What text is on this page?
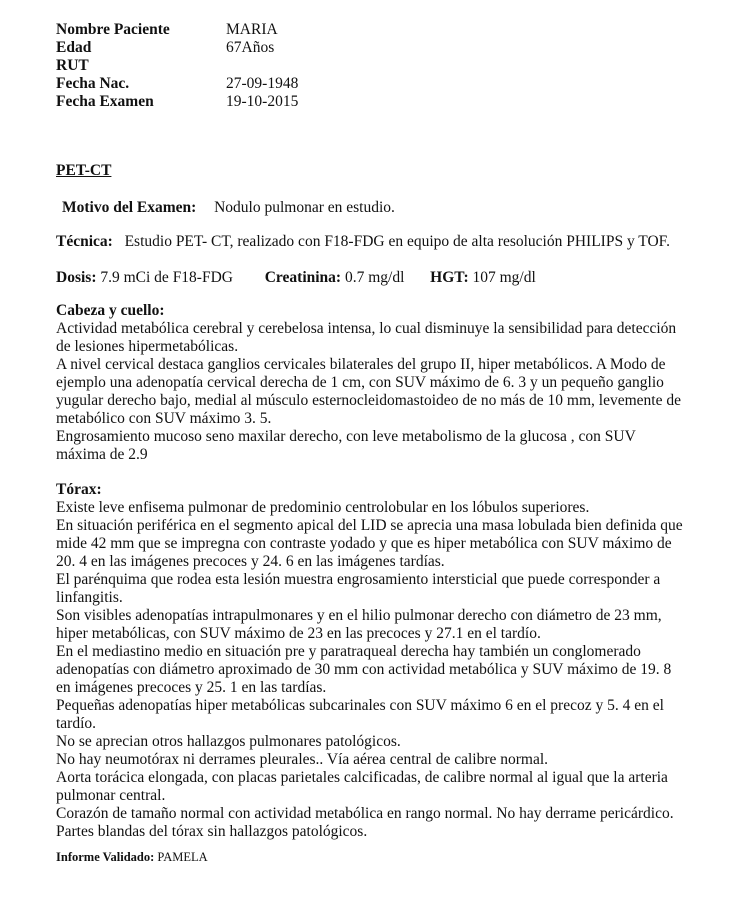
Nombre Paciente	MARIA
Edad	67Años
RUT
Fecha Nac.	27-09-1948
Fecha Examen	19-10-2015
PET-CT
Motivo del Examen: Nodulo pulmonar en estudio.
Técnica: Estudio PET- CT, realizado con F18-FDG en equipo de alta resolución PHILIPS y TOF.
Dosis: 7.9 mCi de F18-FDG Creatinina: 0.7 mg/dl HGT: 107 mg/dl
Cabeza y cuello:
Actividad metabólica cerebral y cerebelosa intensa, lo cual disminuye la sensibilidad para detección
de lesiones hipermetabólicas.
A nivel cervical destaca ganglios cervicales bilaterales del grupo II, hiper metabólicos. A Modo de
ejemplo una adenopatía cervical derecha de 1 cm, con SUV máximo de 6. 3 y un pequeño ganglio
yugular derecho bajo, medial al músculo esternocleidomastoideo de no más de 10 mm, levemente de
metabólico con SUV máximo 3. 5.
Engrosamiento mucoso seno maxilar derecho, con leve metabolismo de la glucosa , con SUV
máxima de 2.9
Tórax:
Existe leve enfisema pulmonar de predominio centrolobular en los lóbulos superiores.
En situación periférica en el segmento apical del LID se aprecia una masa lobulada bien definida que
mide 42 mm que se impregna con contraste yodado y que es hiper metabólica con SUV máximo de
20. 4 en las imágenes precoces y 24. 6 en las imágenes tardías.
El parénquima que rodea esta lesión muestra engrosamiento intersticial que puede corresponder a
linfangitis.
Son visibles adenopatías intrapulmonares y en el hilio pulmonar derecho con diámetro de 23 mm,
hiper metabólicas, con SUV máximo de 23 en las precoces y 27.1 en el tardío.
En el mediastino medio en situación pre y paratraqueal derecha hay también un conglomerado
adenopatías con diámetro aproximado de 30 mm con actividad metabólica y SUV máximo de 19. 8
en imágenes precoces y 25. 1 en las tardías.
Pequeñas adenopatías hiper metabólicas subcarinales con SUV máximo 6 en el precoz y 5. 4 en el
tardío.
No se aprecian otros hallazgos pulmonares patológicos.
No hay neumotórax ni derrames pleurales.. Vía aérea central de calibre normal.
Aorta torácica elongada, con placas parietales calcificadas, de calibre normal al igual que la arteria
pulmonar central.
Corazón de tamaño normal con actividad metabólica en rango normal. No hay derrame pericárdico.
Partes blandas del tórax sin hallazgos patológicos.
Informe Validado: PAMELA
